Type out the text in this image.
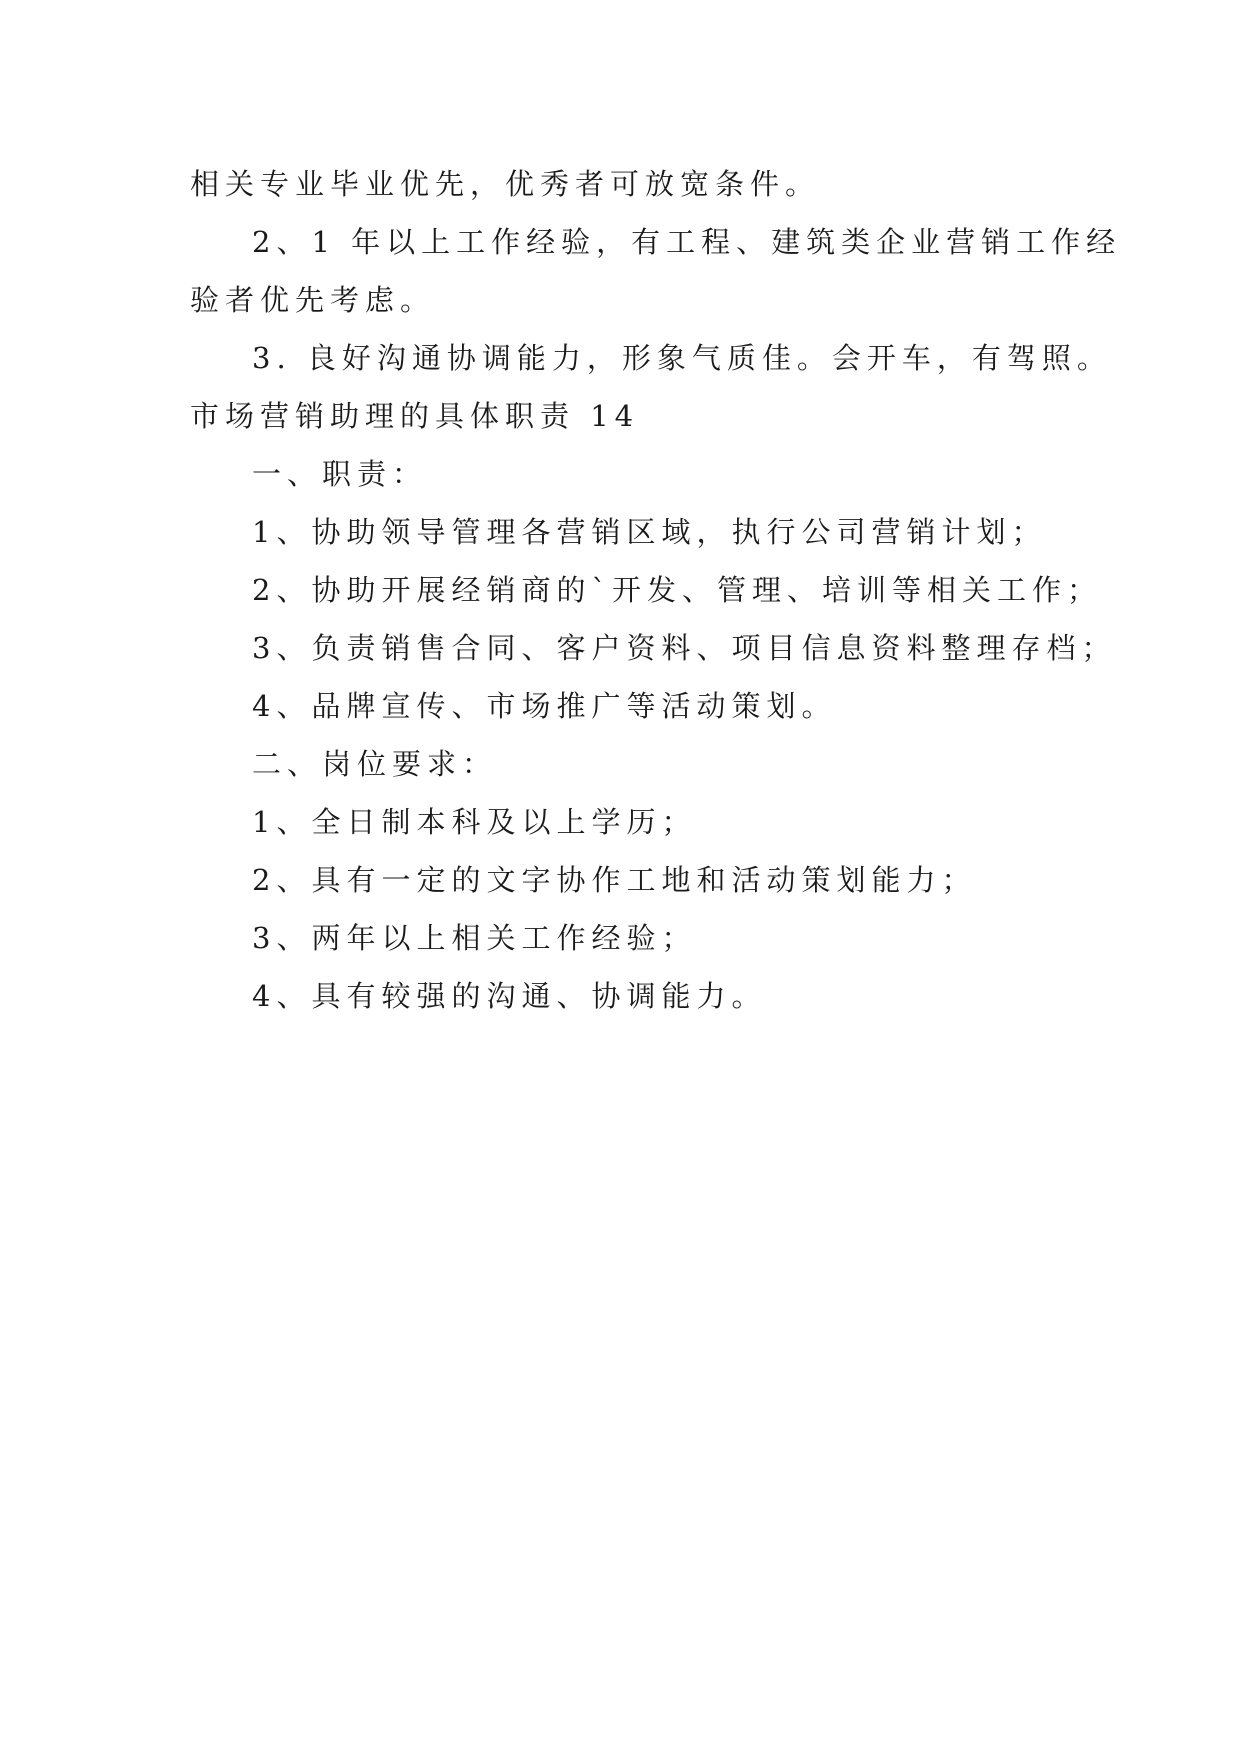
相关专业毕业优先，优秀者可放宽条件。
2、1 年以上工作经验，有工程、建筑类企业营销工作经
验者优先考虑。
3. 良好沟通协调能力，形象气质佳。会开车，有驾照。
市场营销助理的具体职责 14
一、职责：
1、协助领导管理各营销区域，执行公司营销计划；
2、协助开展经销商的`开发、管理、培训等相关工作；
3、负责销售合同、客户资料、项目信息资料整理存档；
4、品牌宣传、市场推广等活动策划。
二、岗位要求：
1、全日制本科及以上学历；
2、具有一定的文字协作工地和活动策划能力；
3、两年以上相关工作经验；
4、具有较强的沟通、协调能力。
